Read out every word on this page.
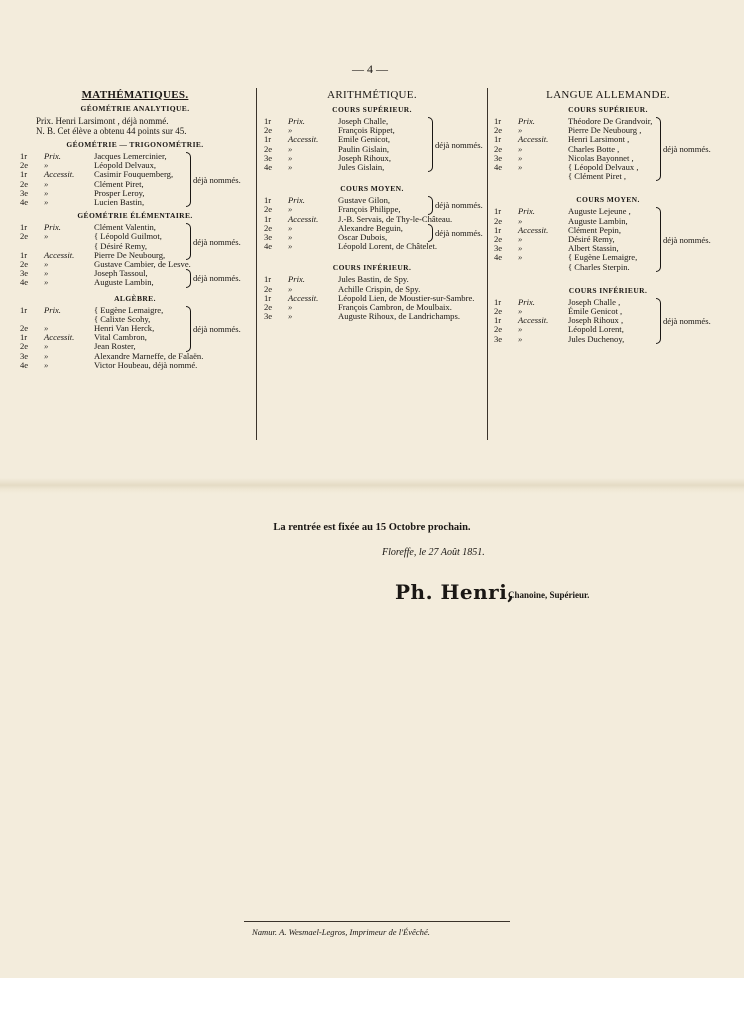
— 4 —
MATHÉMATIQUES.
GÉOMÉTRIE ANALYTIQUE.
Prix. Henri Larsimont , déjà nommé.
N. B. Cet élève a obtenu 44 points sur 45.
GÉOMÉTRIE — TRIGONOMÉTRIE.
1r	Prix.	Jacques Lemercinier,
2e	»	Léopold Delvaux,
1r	Accessit.	Casimir Fouquemberg,
2e	»	Clément Piret,
3e	»	Prosper Leroy,
4e	»	Lucien Bastin,
déjà nommés.
GÉOMÉTRIE ÉLÉMENTAIRE.
1r	Prix.	Clément Valentin,
2e	»	{ Léopold Guilmot,
{ Désiré Remy,
1r	Accessit.	Pierre De Neubourg,
déjà nommés.
2e	»	Gustave Cambier, de Lesve.
3e	»	Joseph Tassoul,
4e	»	Auguste Lambin,	déjà nommés.
ALGÈBRE.
1r	Prix.	{ Eugène Lemaigre,
{ Calixte Scohy,
2e	»	Henri Van Herck,
1r	Accessit.	Vital Cambron,
2e	»	Jean Roster,
déjà nommés.
3e	»	Alexandre Marneffe, de Falaën.
4e	»	Victor Houbeau, déjà nommé.
ARITHMÉTIQUE.
COURS SUPÉRIEUR.
1r	Prix.	Joseph Challe,
2e	»	François Rippet,
1r	Accessit.	Emile Genicot,
2e	»	Paulin Gislain,
3e	»	Joseph Rihoux,
4e	»	Jules Gislain,
déjà nommés.
COURS MOYEN.
1r	Prix.	Gustave Gilon,
2e	»	François Philippe,	déjà nommés.
1r	Accessit.	J.-B. Servais, de Thy-le-Château.
2e	»	Alexandre Beguin,
3e	»	Oscar Dubois,	déjà nommés.
4e	»	Léopold Lorent, de Châtelet.
COURS INFÉRIEUR.
1r	Prix.	Jules Bastin, de Spy.
2e	»	Achille Crispin, de Spy.
1r	Accessit.	Léopold Lien, de Moustier-sur-Sambre.
2e	»	François Cambron, de Moulbaix.
3e	»	Auguste Rihoux, de Landrichamps.
LANGUE ALLEMANDE.
COURS SUPÉRIEUR.
1r	Prix.	Théodore De Grandvoir,
2e	»	Pierre De Neubourg ,
1r	Accessit.	Henri Larsimont ,
2e	»	Charles Botte ,
3e	»	Nicolas Bayonnet ,
4e	»	{ Léopold Delvaux ,
{ Clément Piret ,
déjà nommés.
COURS MOYEN.
1r	Prix.	Auguste Lejeune ,
2e	»	Auguste Lambin,
1r	Accessit.	Clément Pepin,
2e	»	Désiré Remy,
3e	»	Albert Stassin,
4e	»	{ Eugène Lemaigre,
{ Charles Sterpin.
déjà nommés.
COURS INFÉRIEUR.
1r	Prix.	Joseph Challe ,
2e	»	Émile Genicot ,
1r	Accessit.	Joseph Rihoux ,
2e	»	Léopold Lorent,
3e	»	Jules Duchenoy,
déjà nommés.
La rentrée est fixée au 15 Octobre prochain.
Floreffe, le 27 Août 1851.
Ph. Henri,
Chanoine, Supérieur.
Namur. A. Wesmael-Legros, Imprimeur de l'Évêché.
